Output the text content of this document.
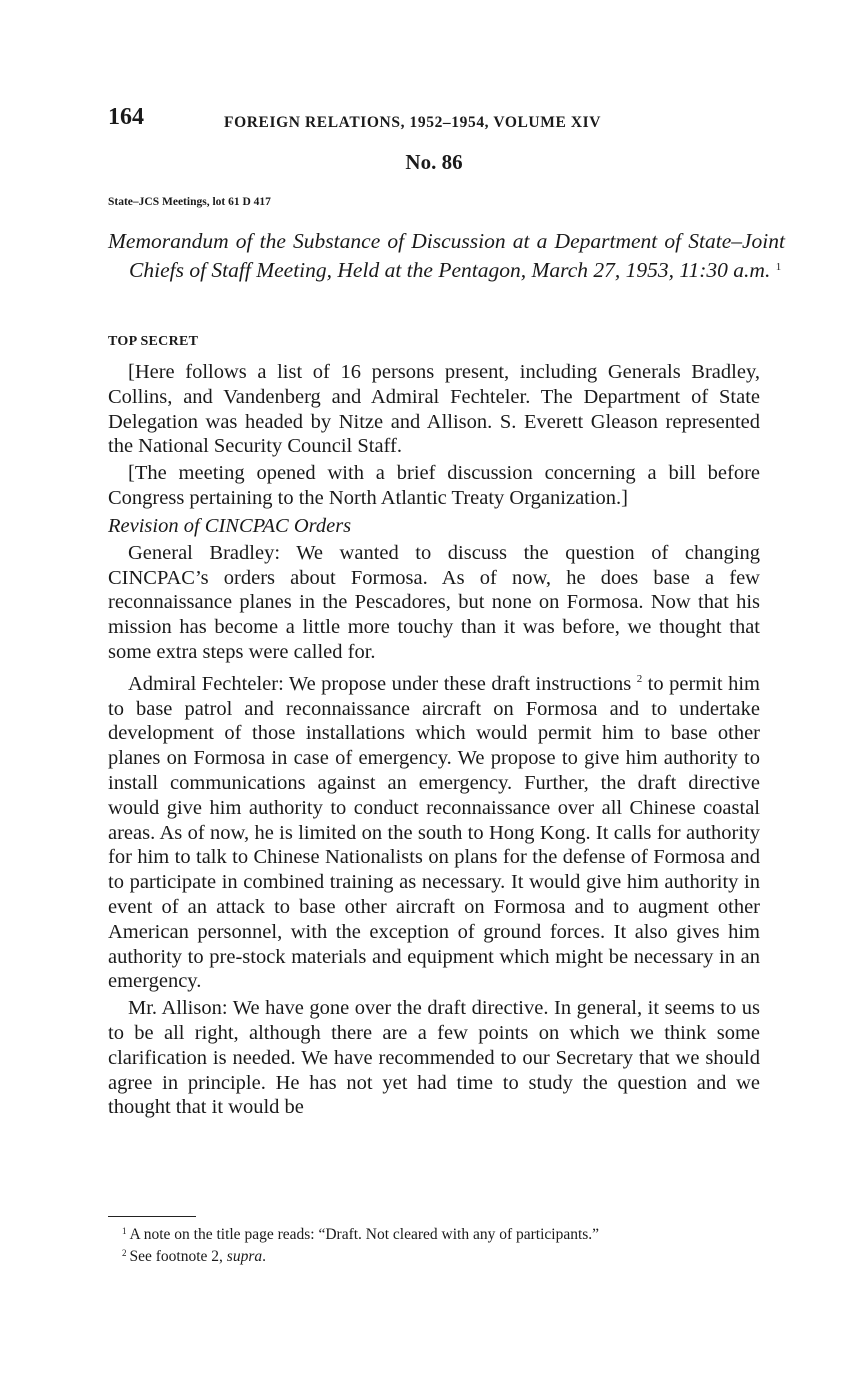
164	FOREIGN RELATIONS, 1952–1954, VOLUME XIV
No. 86
State–JCS Meetings, lot 61 D 417
Memorandum of the Substance of Discussion at a Department of State–Joint Chiefs of Staff Meeting, Held at the Pentagon, March 27, 1953, 11:30 a.m. $^1$
TOP SECRET

[Here follows a list of 16 persons present, including Generals Bradley, Collins, and Vandenberg and Admiral Fechteler. The Department of State Delegation was headed by Nitze and Allison. S. Everett Gleason represented the National Security Council Staff.

[The meeting opened with a brief discussion concerning a bill before Congress pertaining to the North Atlantic Treaty Organization.]

Revision of CINCPAC Orders

General Bradley: We wanted to discuss the question of changing CINCPAC’s orders about Formosa. As of now, he does base a few reconnaissance planes in the Pescadores, but none on Formosa. Now that his mission has become a little more touchy than it was before, we thought that some extra steps were called for.

Admiral Fechteler: We propose under these draft instructions $^2$ to permit him to base patrol and reconnaissance aircraft on Formosa and to undertake development of those installations which would permit him to base other planes on Formosa in case of emergency. We propose to give him authority to install communications against an emergency. Further, the draft directive would give him authority to conduct reconnaissance over all Chinese coastal areas. As of now, he is limited on the south to Hong Kong. It calls for authority for him to talk to Chinese Nationalists on plans for the defense of Formosa and to participate in combined training as necessary. It would give him authority in event of an attack to base other aircraft on Formosa and to augment other American personnel, with the exception of ground forces. It also gives him authority to pre-stock materials and equipment which might be necessary in an emergency.

Mr. Allison: We have gone over the draft directive. In general, it seems to us to be all right, although there are a few points on which we think some clarification is needed. We have recommended to our Secretary that we should agree in principle. He has not yet had time to study the question and we thought that it would be

$^1$ A note on the title page reads: “Draft. Not cleared with any of participants.”
$^2$ See footnote 2, supra.
